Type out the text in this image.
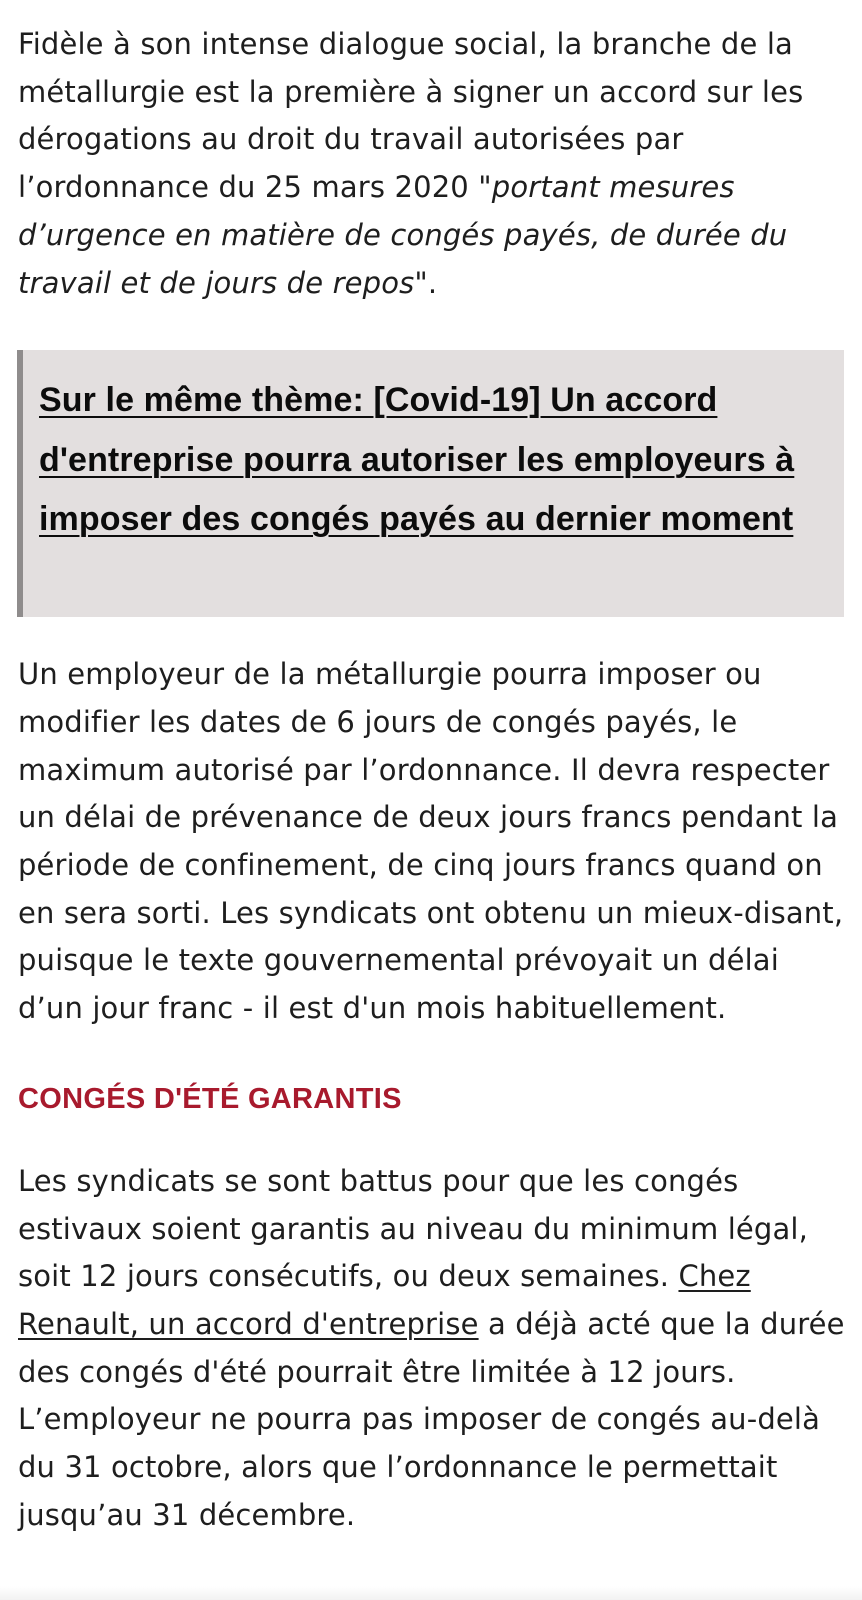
Fidèle à son intense dialogue social, la branche de la métallurgie est la première à signer un accord sur les dérogations au droit du travail autorisées par l’ordonnance du 25 mars 2020 "portant mesures d’urgence en matière de congés payés, de durée du travail et de jours de repos".

Sur le même thème: [Covid-19] Un accord d'entreprise pourra autoriser les employeurs à imposer des congés payés au dernier moment

Un employeur de la métallurgie pourra imposer ou modifier les dates de 6 jours de congés payés, le maximum autorisé par l’ordonnance. Il devra respecter un délai de prévenance de deux jours francs pendant la période de confinement, de cinq jours francs quand on en sera sorti. Les syndicats ont obtenu un mieux-disant, puisque le texte gouvernemental prévoyait un délai d’un jour franc - il est d'un mois habituellement.

CONGÉS D'ÉTÉ GARANTIS

Les syndicats se sont battus pour que les congés estivaux soient garantis au niveau du minimum légal, soit 12 jours consécutifs, ou deux semaines. Chez Renault, un accord d'entreprise a déjà acté que la durée des congés d'été pourrait être limitée à 12 jours. L’employeur ne pourra pas imposer de congés au-delà du 31 octobre, alors que l’ordonnance le permettait jusqu’au 31 décembre.
